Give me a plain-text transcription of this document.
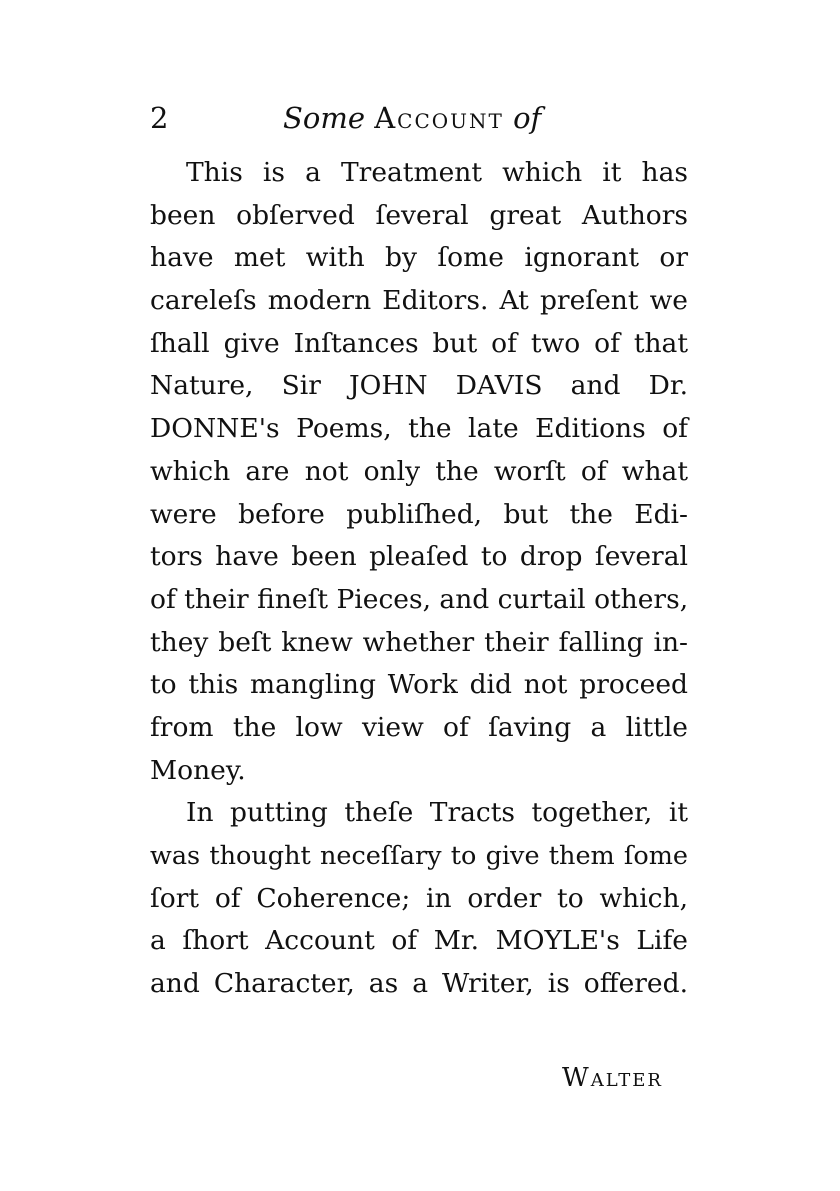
2	Some Account of
This is a Treatment which it has
been obſerved ſeveral great Authors
have met with by ſome ignorant or
careleſs modern Editors. At preſent we
ſhall give Inſtances but of two of that
Nature, Sir JOHN DAVIS and Dr.
DONNE's Poems, the late Editions of
which are not only the worſt of what
were before publiſhed, but the Edi-
tors have been pleaſed to drop ſeveral
of their fineſt Pieces, and curtail others,
they beſt knew whether their falling in-
to this mangling Work did not proceed
from the low view of ſaving a little
Money.
In putting theſe Tracts together, it
was thought neceſſary to give them ſome
ſort of Coherence; in order to which,
a ſhort Account of Mr. MOYLE's Life
and Character, as a Writer, is offered.
Walter
